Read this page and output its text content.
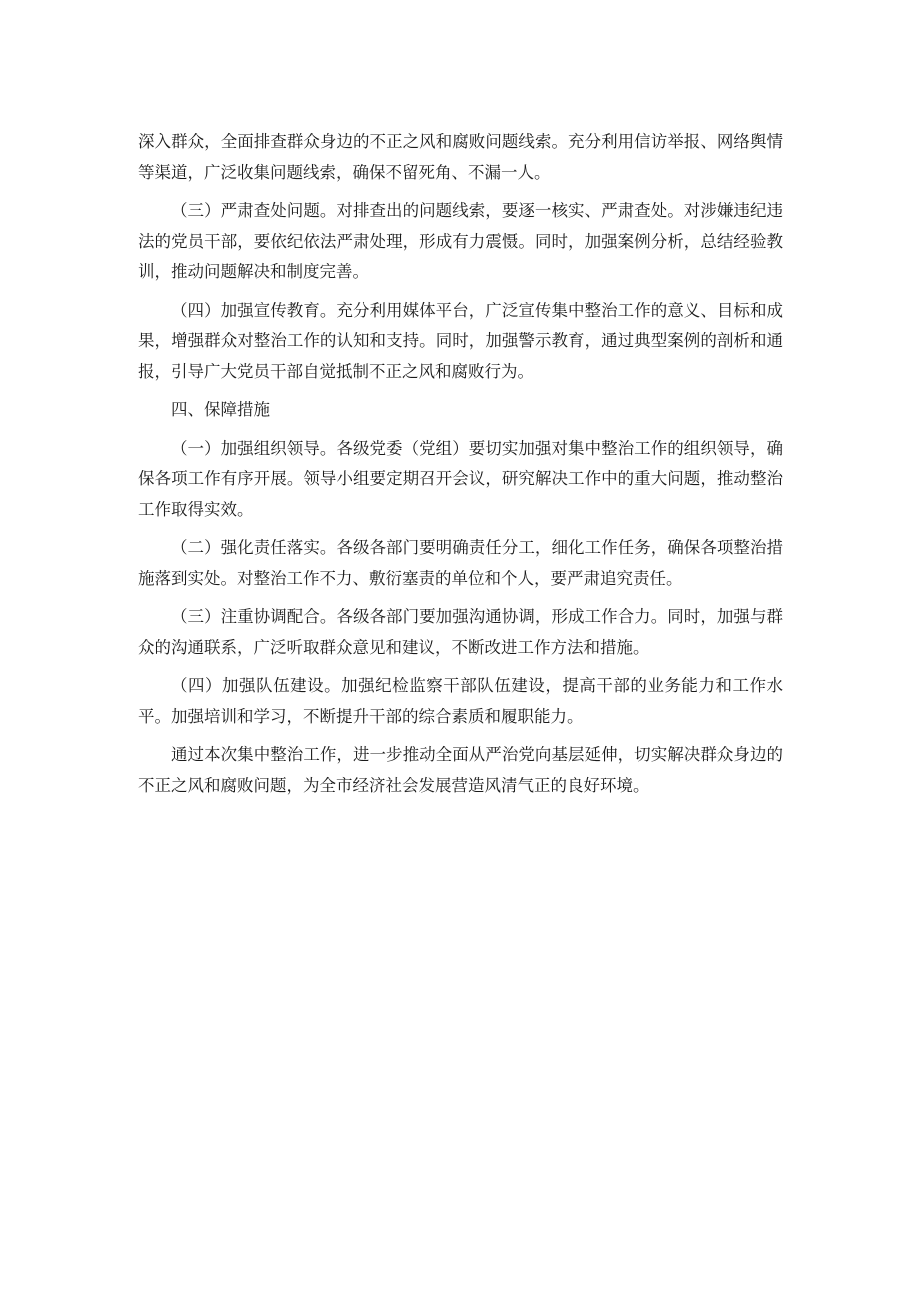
深入群众，全面排查群众身边的不正之风和腐败问题线索。充分利用信访举报、网络舆情等渠道，广泛收集问题线索，确保不留死角、不漏一人。

（三）严肃查处问题。对排查出的问题线索，要逐一核实、严肃查处。对涉嫌违纪违法的党员干部，要依纪依法严肃处理，形成有力震慑。同时，加强案例分析，总结经验教训，推动问题解决和制度完善。

（四）加强宣传教育。充分利用媒体平台，广泛宣传集中整治工作的意义、目标和成果，增强群众对整治工作的认知和支持。同时，加强警示教育，通过典型案例的剖析和通报，引导广大党员干部自觉抵制不正之风和腐败行为。

四、保障措施

（一）加强组织领导。各级党委（党组）要切实加强对集中整治工作的组织领导，确保各项工作有序开展。领导小组要定期召开会议，研究解决工作中的重大问题，推动整治工作取得实效。

（二）强化责任落实。各级各部门要明确责任分工，细化工作任务，确保各项整治措施落到实处。对整治工作不力、敷衍塞责的单位和个人，要严肃追究责任。

（三）注重协调配合。各级各部门要加强沟通协调，形成工作合力。同时，加强与群众的沟通联系，广泛听取群众意见和建议，不断改进工作方法和措施。

（四）加强队伍建设。加强纪检监察干部队伍建设，提高干部的业务能力和工作水平。加强培训和学习，不断提升干部的综合素质和履职能力。

通过本次集中整治工作，进一步推动全面从严治党向基层延伸，切实解决群众身边的不正之风和腐败问题，为全市经济社会发展营造风清气正的良好环境。
